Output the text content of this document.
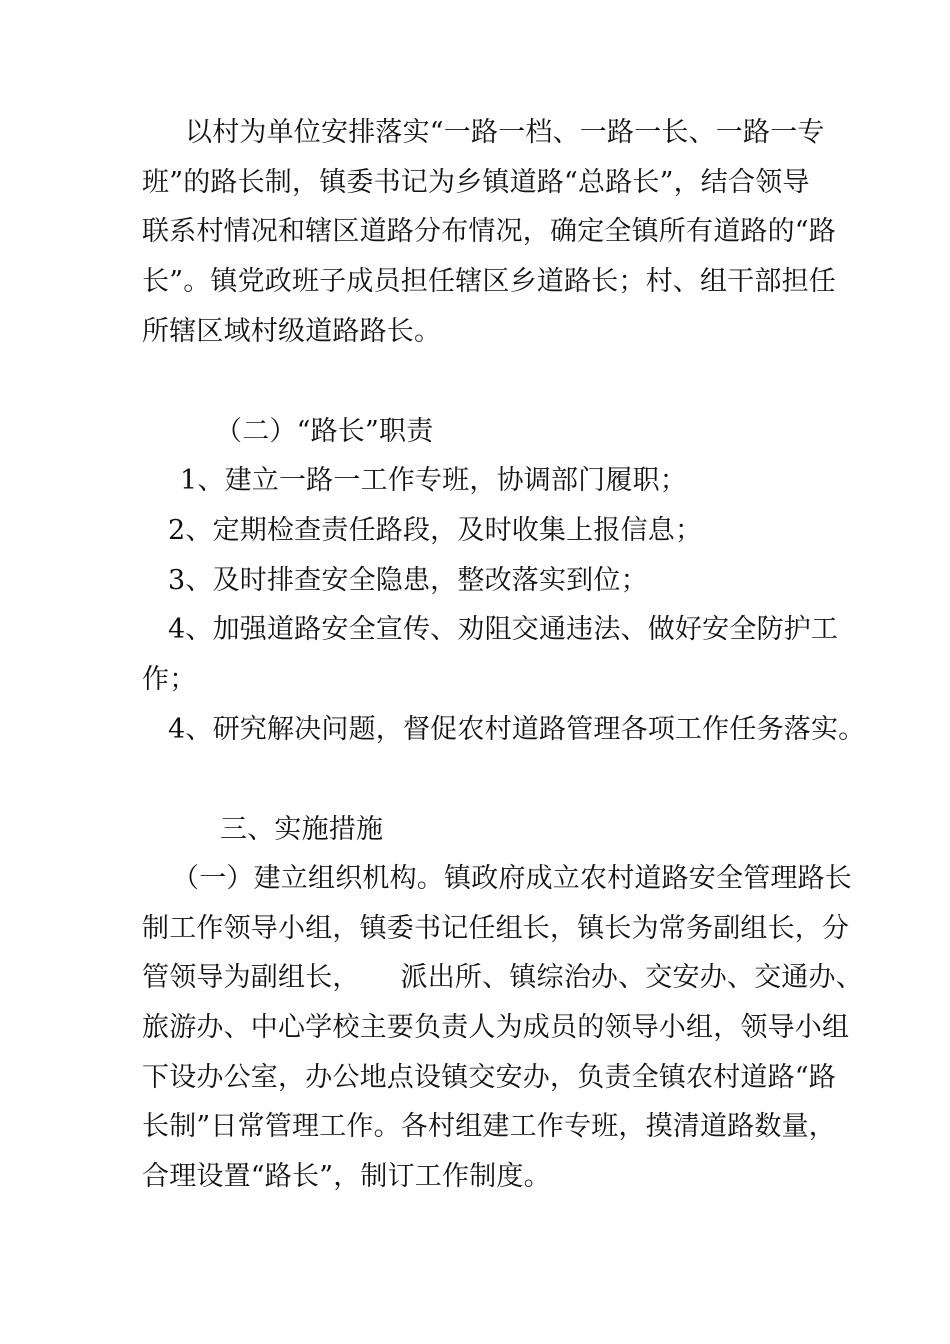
以村为单位安排落实“一路一档、一路一长、一路一专
班”的路长制，镇委书记为乡镇道路“总路长”，结合领导
联系村情况和辖区道路分布情况，确定全镇所有道路的“路
长”。镇党政班子成员担任辖区乡道路长；村、组干部担任
所辖区域村级道路路长。
（二）“路长”职责
1、建立一路一工作专班，协调部门履职；
2、定期检查责任路段，及时收集上报信息；
3、及时排查安全隐患，整改落实到位；
4、加强道路安全宣传、劝阻交通违法、做好安全防护工
作；
4、研究解决问题，督促农村道路管理各项工作任务落实。
三、实施措施
（一）建立组织机构。镇政府成立农村道路安全管理路长
制工作领导小组，镇委书记任组长，镇长为常务副组长，分
管领导为副组长，　　派出所、镇综治办、交安办、交通办、
旅游办、中心学校主要负责人为成员的领导小组，领导小组
下设办公室，办公地点设镇交安办，负责全镇农村道路“路
长制”日常管理工作。各村组建工作专班，摸清道路数量，
合理设置“路长”，制订工作制度。
